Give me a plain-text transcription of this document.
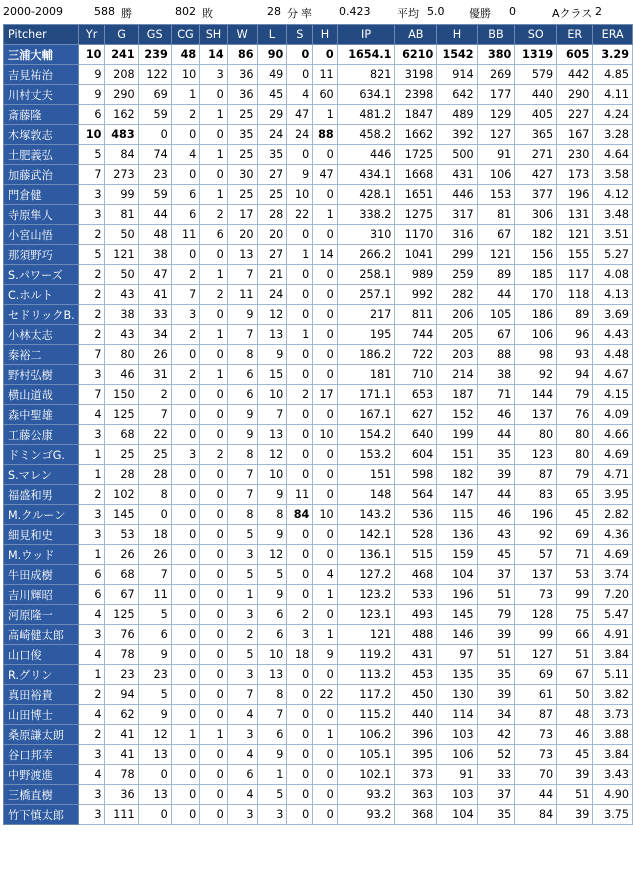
2000-2009	588 勝	802 敗	28 分 率 0.423 平均 5.0 優勝 0	Aクラス 2
Pitcher	Yr	G	GS	CG	SH	W	L	S	H	IP	AB	H	BB	SO	ER	ERA
三浦大輔	10	241	239	48	14	86	90	0	0	1654.1	6210	1542	380	1319	605	3.29
吉見祐治	9	208	122	10	3	36	49	0	11	821	3198	914	269	579	442	4.85
川村丈夫	9	290	69	1	0	36	45	4	60	634.1	2398	642	177	440	290	4.11
斎藤隆	6	162	59	2	1	25	29	47	1	481.2	1847	489	129	405	227	4.24
木塚敦志	10	483	0	0	0	35	24	24	88	458.2	1662	392	127	365	167	3.28
土肥義弘	5	84	74	4	1	25	35	0	0	446	1725	500	91	271	230	4.64
加藤武治	7	273	23	0	0	30	27	9	47	434.1	1668	431	106	427	173	3.58
門倉健	3	99	59	6	1	25	25	10	0	428.1	1651	446	153	377	196	4.12
寺原隼人	3	81	44	6	2	17	28	22	1	338.2	1275	317	81	306	131	3.48
小宮山悟	2	50	48	11	6	20	20	0	0	310	1170	316	67	182	121	3.51
那須野巧	5	121	38	0	0	13	27	1	14	266.2	1041	299	121	156	155	5.27
S.パワーズ	2	50	47	2	1	7	21	0	0	258.1	989	259	89	185	117	4.08
C.ホルト	2	43	41	7	2	11	24	0	0	257.1	992	282	44	170	118	4.13
セドリックB.	2	38	33	3	0	9	12	0	0	217	811	206	105	186	89	3.69
小林太志	2	43	34	2	1	7	13	1	0	195	744	205	67	106	96	4.43
秦裕二	7	80	26	0	0	8	9	0	0	186.2	722	203	88	98	93	4.48
野村弘樹	3	46	31	2	1	6	15	0	0	181	710	214	38	92	94	4.67
横山道哉	7	150	2	0	0	6	10	2	17	171.1	653	187	71	144	79	4.15
森中聖雄	4	125	7	0	0	9	7	0	0	167.1	627	152	46	137	76	4.09
工藤公康	3	68	22	0	0	9	13	0	10	154.2	640	199	44	80	80	4.66
ドミンゴG.	1	25	25	3	2	8	12	0	0	153.2	604	151	35	123	80	4.69
S.マレン	1	28	28	0	0	7	10	0	0	151	598	182	39	87	79	4.71
福盛和男	2	102	8	0	0	7	9	11	0	148	564	147	44	83	65	3.95
M.クルーン	3	145	0	0	0	8	8	84	10	143.2	536	115	46	196	45	2.82
細見和史	3	53	18	0	0	5	9	0	0	142.1	528	136	43	92	69	4.36
M.ウッド	1	26	26	0	0	3	12	0	0	136.1	515	159	45	57	71	4.69
牛田成樹	6	68	7	0	0	5	5	0	4	127.2	468	104	37	137	53	3.74
吉川輝昭	6	67	11	0	0	1	9	0	1	123.2	533	196	51	73	99	7.20
河原隆一	4	125	5	0	0	3	6	2	0	123.1	493	145	79	128	75	5.47
高崎健太郎	3	76	6	0	0	2	6	3	1	121	488	146	39	99	66	4.91
山口俊	4	78	9	0	0	5	10	18	9	119.2	431	97	51	127	51	3.84
R.グリン	1	23	23	0	0	3	13	0	0	113.2	453	135	35	69	67	5.11
真田裕貴	2	94	5	0	0	7	8	0	22	117.2	450	130	39	61	50	3.82
山田博士	4	62	9	0	0	4	7	0	0	115.2	440	114	34	87	48	3.73
桑原謙太朗	2	41	12	1	1	3	6	0	1	106.2	396	103	42	73	46	3.88
谷口邦幸	3	41	13	0	0	4	9	0	0	105.1	395	106	52	73	45	3.84
中野渡進	4	78	0	0	0	6	1	0	0	102.1	373	91	33	70	39	3.43
三橋直樹	3	36	13	0	0	4	5	0	0	93.2	363	103	37	44	51	4.90
竹下慎太郎	3	111	0	0	0	3	3	0	0	93.2	368	104	35	84	39	3.75
